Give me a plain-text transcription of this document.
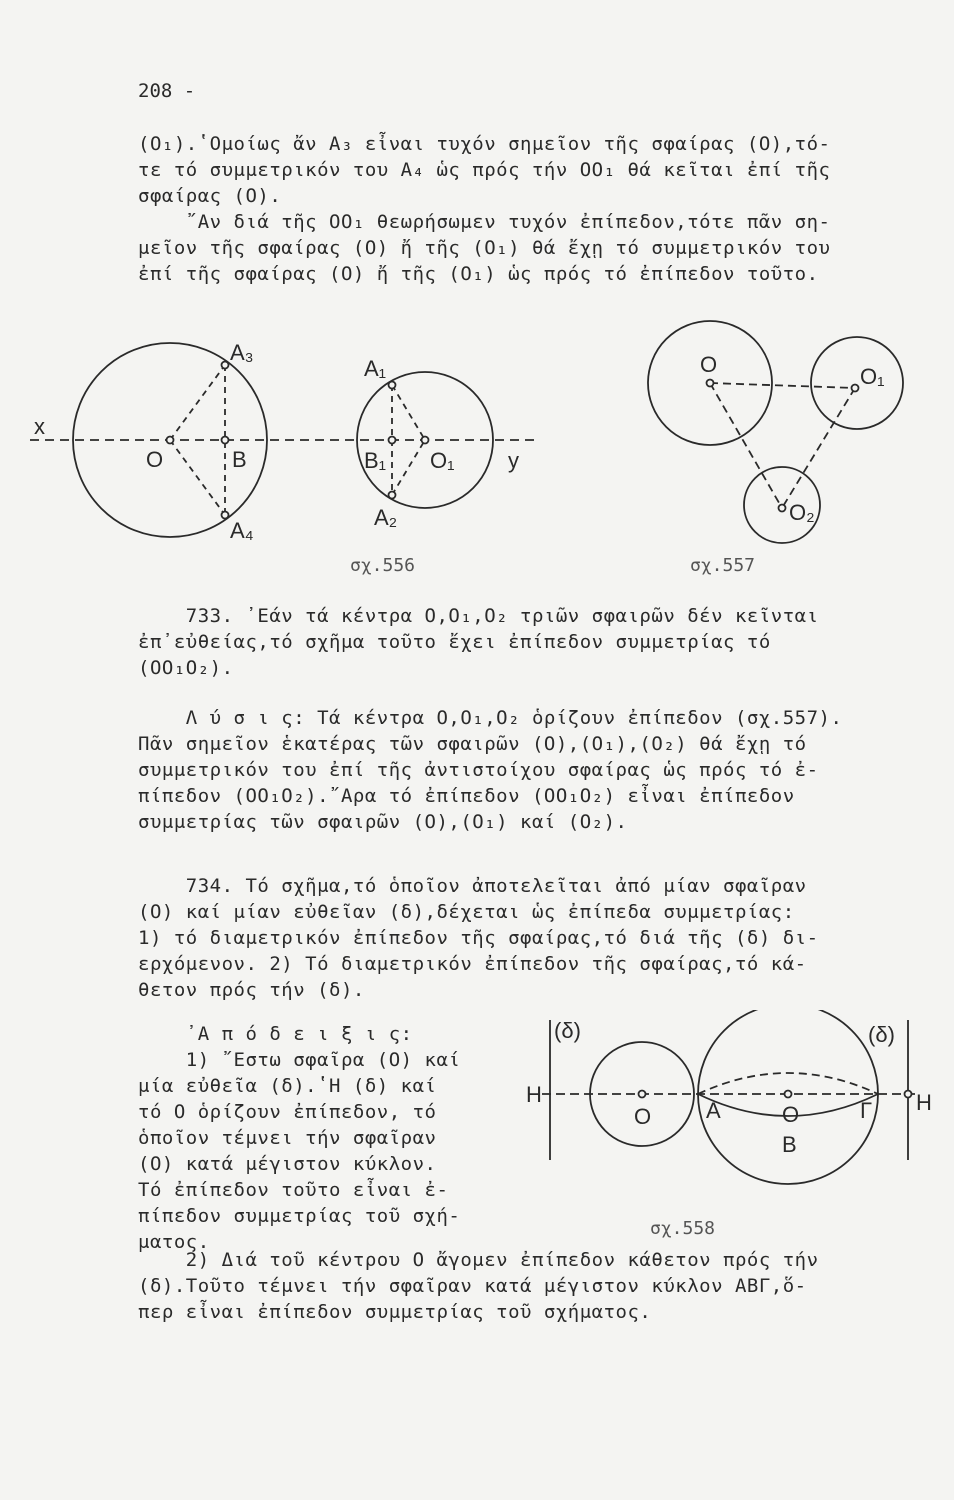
208 -
(O₁).ʽΟμοίως ἄν A₃ εἶναι τυχόν σημεῖον τῆς σφαίρας (O),τό-
τε τό συμμετρικόν του A₄ ὡς πρός τήν OO₁ θά κεῖται ἐπί τῆς
σφαίρας (O).
῎Αν διά τῆς OO₁ θεωρήσωμεν τυχόν ἐπίπεδον,τότε πᾶν ση-
μεῖον τῆς σφαίρας (O) ἤ τῆς (O₁) θά ἔχῃ τό συμμετρικόν του
ἐπί τῆς σφαίρας (O) ἤ τῆς (O₁) ὡς πρός τό ἐπίπεδον τοῦτο.
x
O	B
A₃
A₄
A₁
A₂
B₁ O₁ y
O	O₁
O₂
σχ.556	σχ.557
733. ᾿Εάν τά κέντρα O,O₁,O₂ τριῶν σφαιρῶν δέν κεῖνται
ἐπ᾿εὐθείας,τό σχῆμα τοῦτο ἔχει ἐπίπεδον συμμετρίας τό
(OO₁O₂).
Λ ύ σ ι ς: Τά κέντρα O,O₁,O₂ ὁρίζουν ἐπίπεδον (σχ.557).
Πᾶν σημεῖον ἑκατέρας τῶν σφαιρῶν (O),(O₁),(O₂) θά ἔχῃ τό
συμμετρικόν του ἐπί τῆς ἀντιστοίχου σφαίρας ὡς πρός τό ἐ-
πίπεδον (OO₁O₂).῎Αρα τό ἐπίπεδον (OO₁O₂) εἶναι ἐπίπεδον
συμμετρίας τῶν σφαιρῶν (O),(O₁) καί (O₂).
734. Τό σχῆμα,τό ὁποῖον ἀποτελεῖται ἀπό μίαν σφαῖραν
(O) καί μίαν εὐθεῖαν (δ),δέχεται ὡς ἐπίπεδα συμμετρίας:
1) τό διαμετρικόν ἐπίπεδον τῆς σφαίρας,τό διά τῆς (δ) δι-
ερχόμενον. 2) Τό διαμετρικόν ἐπίπεδον τῆς σφαίρας,τό κά-
θετον πρός τήν (δ).
᾿Α π ό δ ε ι ξ ι ς:
1) ῎Εστω σφαῖρα (O) καί
μία εὐθεῖα (δ).ʽΗ (δ) καί
τό O ὁρίζουν ἐπίπεδον, τό
ὁποῖον τέμνει τήν σφαῖραν
(O) κατά μέγιστον κύκλον.
Τό ἐπίπεδον τοῦτο εἶναι ἐ-
πίπεδον συμμετρίας τοῦ σχή-
ματος.
(δ)	(δ)
H	H
O A	O	Γ
B
σχ.558
2) Διά τοῦ κέντρου O ἄγομεν ἐπίπεδον κάθετον πρός τήν
(δ).Τοῦτο τέμνει τήν σφαῖραν κατά μέγιστον κύκλον ΑΒΓ,ὅ-
περ εἶναι ἐπίπεδον συμμετρίας τοῦ σχήματος.
